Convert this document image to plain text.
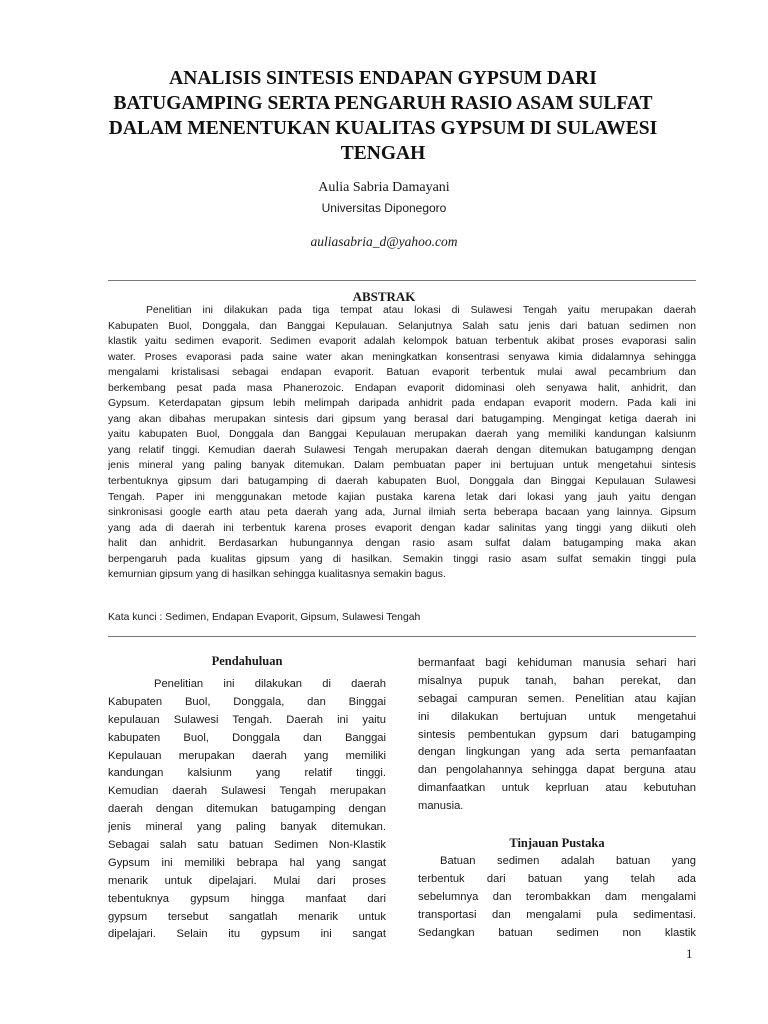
ANALISIS SINTESIS ENDAPAN GYPSUM DARI
BATUGAMPING SERTA PENGARUH RASIO ASAM SULFAT
DALAM MENENTUKAN KUALITAS GYPSUM DI SULAWESI
TENGAH
Aulia Sabria Damayani
Universitas Diponegoro
auliasabria_d@yahoo.com
ABSTRAK
Penelitian ini dilakukan pada tiga tempat atau lokasi di Sulawesi Tengah yaitu merupakan daerah
Kabupaten Buol, Donggala, dan Banggai Kepulauan. Selanjutnya Salah satu jenis dari batuan sedimen non
klastik yaitu sedimen evaporit. Sedimen evaporit adalah kelompok batuan terbentuk akibat proses evaporasi salin
water. Proses evaporasi pada saine water akan meningkatkan konsentrasi senyawa kimia didalamnya sehingga
mengalami kristalisasi sebagai endapan evaporit. Batuan evaporit terbentuk mulai awal pecambrium dan
berkembang pesat pada masa Phanerozoic. Endapan evaporit didominasi oleh senyawa halit, anhidrit, dan
Gypsum. Keterdapatan gipsum lebih melimpah daripada anhidrit pada endapan evaporit modern. Pada kali ini
yang akan dibahas merupakan sintesis dari gipsum yang berasal dari batugamping. Mengingat ketiga daerah ini
yaitu kabupaten Buol, Donggala dan Banggai Kepulauan merupakan daerah yang memiliki kandungan kalsiunm
yang relatif tinggi. Kemudian daerah Sulawesi Tengah merupakan daerah dengan ditemukan batugampng dengan
jenis mineral yang paling banyak ditemukan. Dalam pembuatan paper ini bertujuan untuk mengetahui sintesis
terbentuknya gipsum dari batugamping di daerah kabupaten Buol, Donggala dan Binggai Kepulauan Sulawesi
Tengah. Paper ini menggunakan metode kajian pustaka karena letak dari lokasi yang jauh yaitu dengan
sinkronisasi google earth atau peta daerah yang ada, Jurnal ilmiah serta beberapa bacaan yang lainnya. Gipsum
yang ada di daerah ini terbentuk karena proses evaporit dengan kadar salinitas yang tinggi yang diikuti oleh
halit dan anhidrit. Berdasarkan hubungannya dengan rasio asam sulfat dalam batugamping maka akan
berpengaruh pada kualitas gipsum yang di hasilkan. Semakin tinggi rasio asam sulfat semakin tinggi pula
kemurnian gipsum yang di hasilkan sehingga kualitasnya semakin bagus.
Kata kunci : Sedimen, Endapan Evaporit, Gipsum, Sulawesi Tengah
Pendahuluan
Penelitian ini dilakukan di daerah
Kabupaten Buol, Donggala, dan Binggai
kepulauan Sulawesi Tengah. Daerah ini yaitu
kabupaten Buol, Donggala dan Banggai
Kepulauan merupakan daerah yang memiliki
kandungan kalsiunm yang relatif tinggi.
Kemudian daerah Sulawesi Tengah merupakan
daerah dengan ditemukan batugamping dengan
jenis mineral yang paling banyak ditemukan.
Sebagai salah satu batuan Sedimen Non-Klastik
Gypsum ini memiliki bebrapa hal yang sangat
menarik untuk dipelajari. Mulai dari proses
tebentuknya gypsum hingga manfaat dari
gypsum tersebut sangatlah menarik untuk
dipelajari. Selain itu gypsum ini sangat
bermanfaat bagi kehiduman manusia sehari hari
misalnya pupuk tanah, bahan perekat, dan
sebagai campuran semen. Penelitian atau kajian
ini dilakukan bertujuan untuk mengetahui
sintesis pembentukan gypsum dari batugamping
dengan lingkungan yang ada serta pemanfaatan
dan pengolahannya sehingga dapat berguna atau
dimanfaatkan untuk keprluan atau kebutuhan
manusia.
Tinjauan Pustaka
Batuan sedimen adalah batuan yang
terbentuk dari batuan yang telah ada
sebelumnya dan terombakkan dam mengalami
transportasi dan mengalami pula sedimentasi.
Sedangkan batuan sedimen non klastik
1
